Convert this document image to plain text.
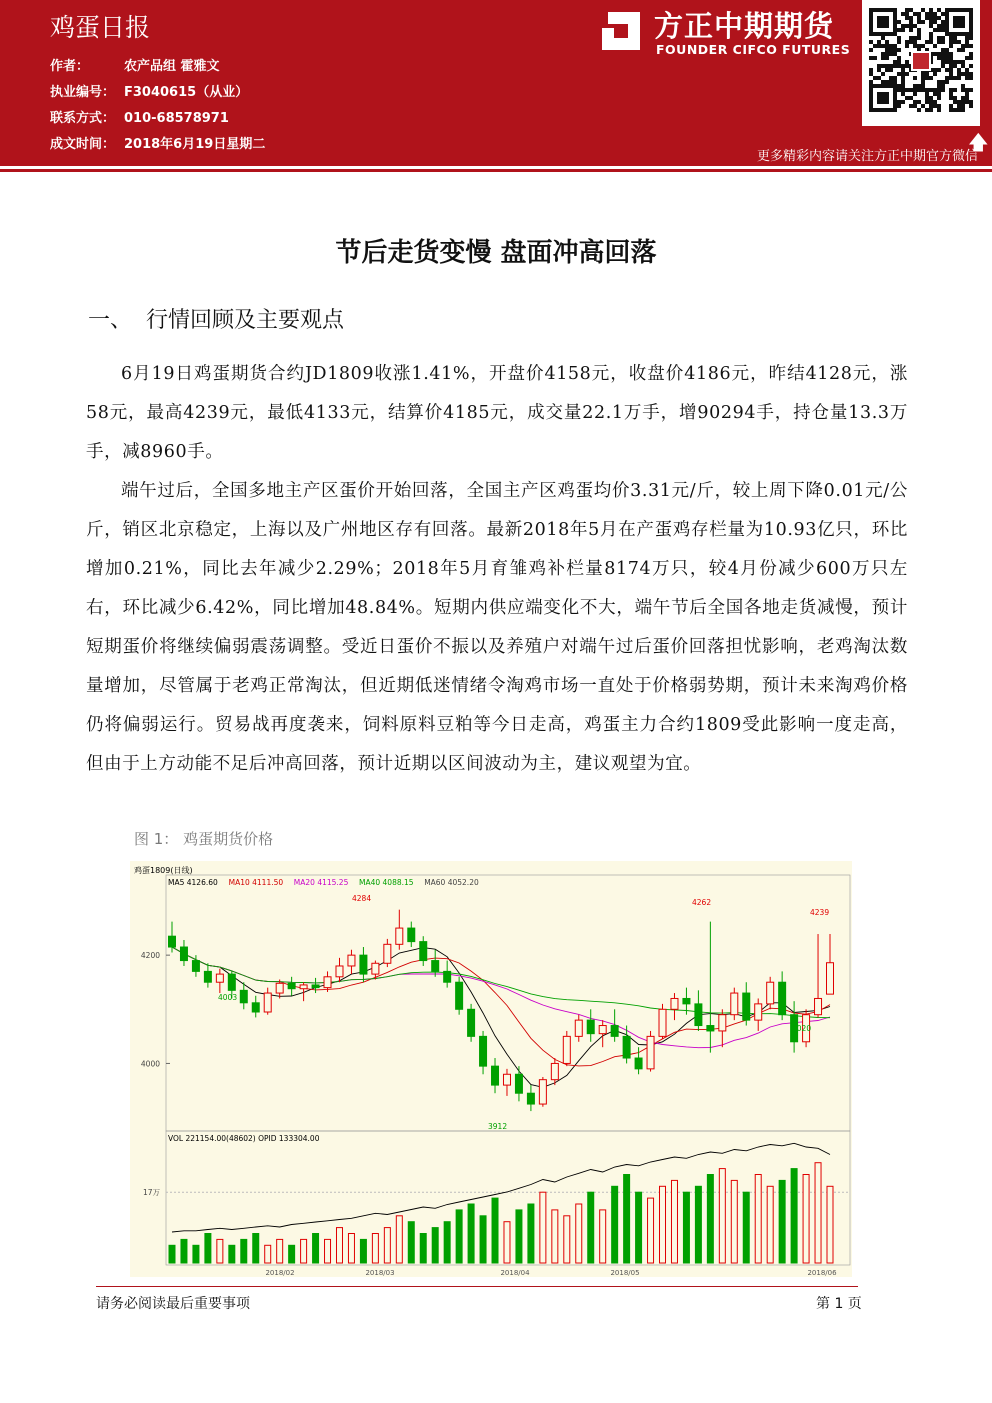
鸡蛋日报
作者：	农产品组 霍雅文
执业编号： F3040615（从业）
联系方式： 010-68578971
成文时间： 2018年6月19日星期二
方正中期期货
FOUNDER CIFCO FUTURES
🡅
更多精彩内容请关注方正中期官方微信
节后走货变慢 盘面冲高回落
一、 行情回顾及主要观点
6月19日鸡蛋期货合约JD1809收涨1.41%，开盘价4158元，收盘价4186元，昨结4128元，涨58元，最高4239元，最低4133元，结算价4185元，成交量22.1万手，增90294手，持仓量13.3万手，减8960手。
端午过后，全国多地主产区蛋价开始回落，全国主产区鸡蛋均价3.31元/斤，较上周下降0.01元/公斤，销区北京稳定，上海以及广州地区存有回落。最新2018年5月在产蛋鸡存栏量为10.93亿只，环比增加0.21%，同比去年减少2.29%；2018年5月育雏鸡补栏量8174万只，较4月份减少600万只左右，环比减少6.42%，同比增加48.84%。短期内供应端变化不大，端午节后全国各地走货减慢，预计短期蛋价将继续偏弱震荡调整。受近日蛋价不振以及养殖户对端午过后蛋价回落担忧影响，老鸡淘汰数量增加，尽管属于老鸡正常淘汰，但近期低迷情绪令淘鸡市场一直处于价格弱势期，预计未来淘鸡价格仍将偏弱运行。贸易战再度袭来，饲料原料豆粕等今日走高，鸡蛋主力合约1809受此影响一度走高，但由于上方动能不足后冲高回落，预计近期以区间波动为主，建议观望为宜。
图 1： 鸡蛋期货价格
鸡蛋1809(日线)
MA5 4126.60 MA10 4111.50 MA20 4115.25 MA40 4088.15 MA60 4052.20
4200
4000
4284	4262
4239
4003
4020
3912
VOL 221154.00(48602) OPID 133304.00
17万
2018/02	2018/03	2018/04	2018/05	2018/06
请务必阅读最后重要事项	第 1 页
